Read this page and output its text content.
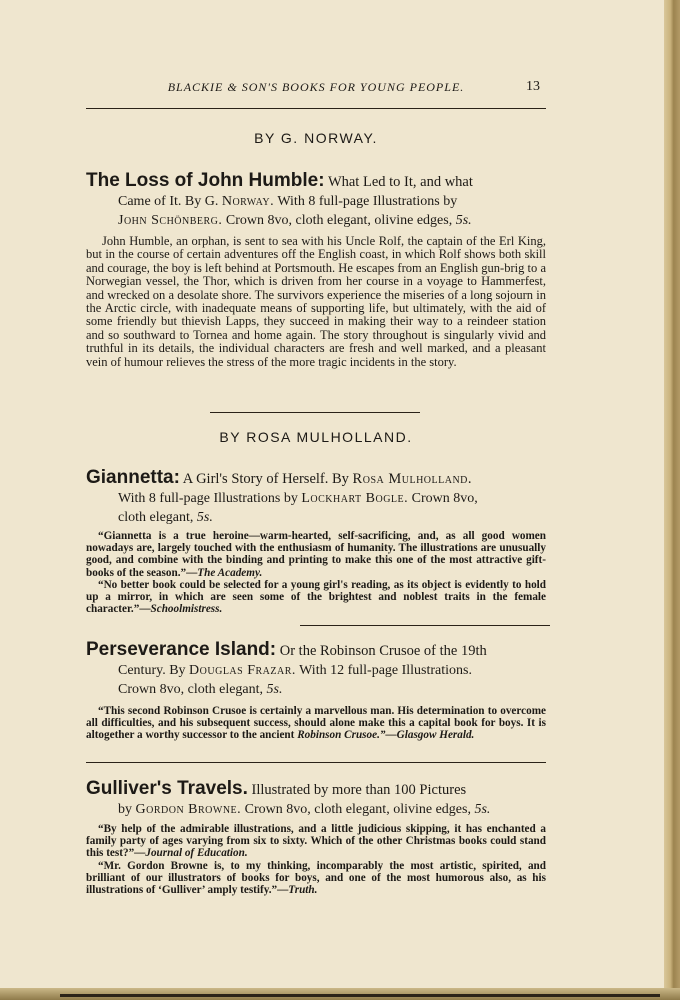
BLACKIE & SON'S BOOKS FOR YOUNG PEOPLE.	13
BY G. NORWAY.
The Loss of John Humble: What Led to It, and what
Came of It. By G. Norway. With 8 full-page Illustrations by
John Schönberg. Crown 8vo, cloth elegant, olivine edges, 5s.

John Humble, an orphan, is sent to sea with his Uncle Rolf, the captain of the Erl King, but in the course of certain adventures off the English coast, in which Rolf shows both skill and courage, the boy is left behind at Portsmouth. He escapes from an English gun-brig to a Norwegian vessel, the Thor, which is driven from her course in a voyage to Hammerfest, and wrecked on a desolate shore. The survivors experience the miseries of a long sojourn in the Arctic circle, with inadequate means of supporting life, but ultimately, with the aid of some friendly but thievish Lapps, they succeed in making their way to a reindeer station and so southward to Tornea and home again. The story throughout is singularly vivid and truthful in its details, the individual characters are fresh and well marked, and a pleasant vein of humour relieves the stress of the more tragic incidents in the story.

BY ROSA MULHOLLAND.
Giannetta: A Girl's Story of Herself. By Rosa Mulholland.
With 8 full-page Illustrations by Lockhart Bogle. Crown 8vo,
cloth elegant, 5s.

“Giannetta is a true heroine—warm-hearted, self-sacrificing, and, as all good women nowadays are, largely touched with the enthusiasm of humanity. The illustrations are unusually good, and combine with the binding and printing to make this one of the most attractive gift-books of the season.”—The Academy.

“No better book could be selected for a young girl's reading, as its object is evidently to hold up a mirror, in which are seen some of the brightest and noblest traits in the female character.”—Schoolmistress.

Perseverance Island: Or the Robinson Crusoe of the 19th
Century. By Douglas Frazar. With 12 full-page Illustrations.
Crown 8vo, cloth elegant, 5s.

“This second Robinson Crusoe is certainly a marvellous man. His determination to overcome all difficulties, and his subsequent success, should alone make this a capital book for boys. It is altogether a worthy successor to the ancient Robinson Crusoe.”—Glasgow Herald.

Gulliver's Travels. Illustrated by more than 100 Pictures
by Gordon Browne. Crown 8vo, cloth elegant, olivine edges, 5s.

“By help of the admirable illustrations, and a little judicious skipping, it has enchanted a family party of ages varying from six to sixty. Which of the other Christmas books could stand this test?”—Journal of Education.

“Mr. Gordon Browne is, to my thinking, incomparably the most artistic, spirited, and brilliant of our illustrators of books for boys, and one of the most humorous also, as his illustrations of ‘Gulliver’ amply testify.”—Truth.
